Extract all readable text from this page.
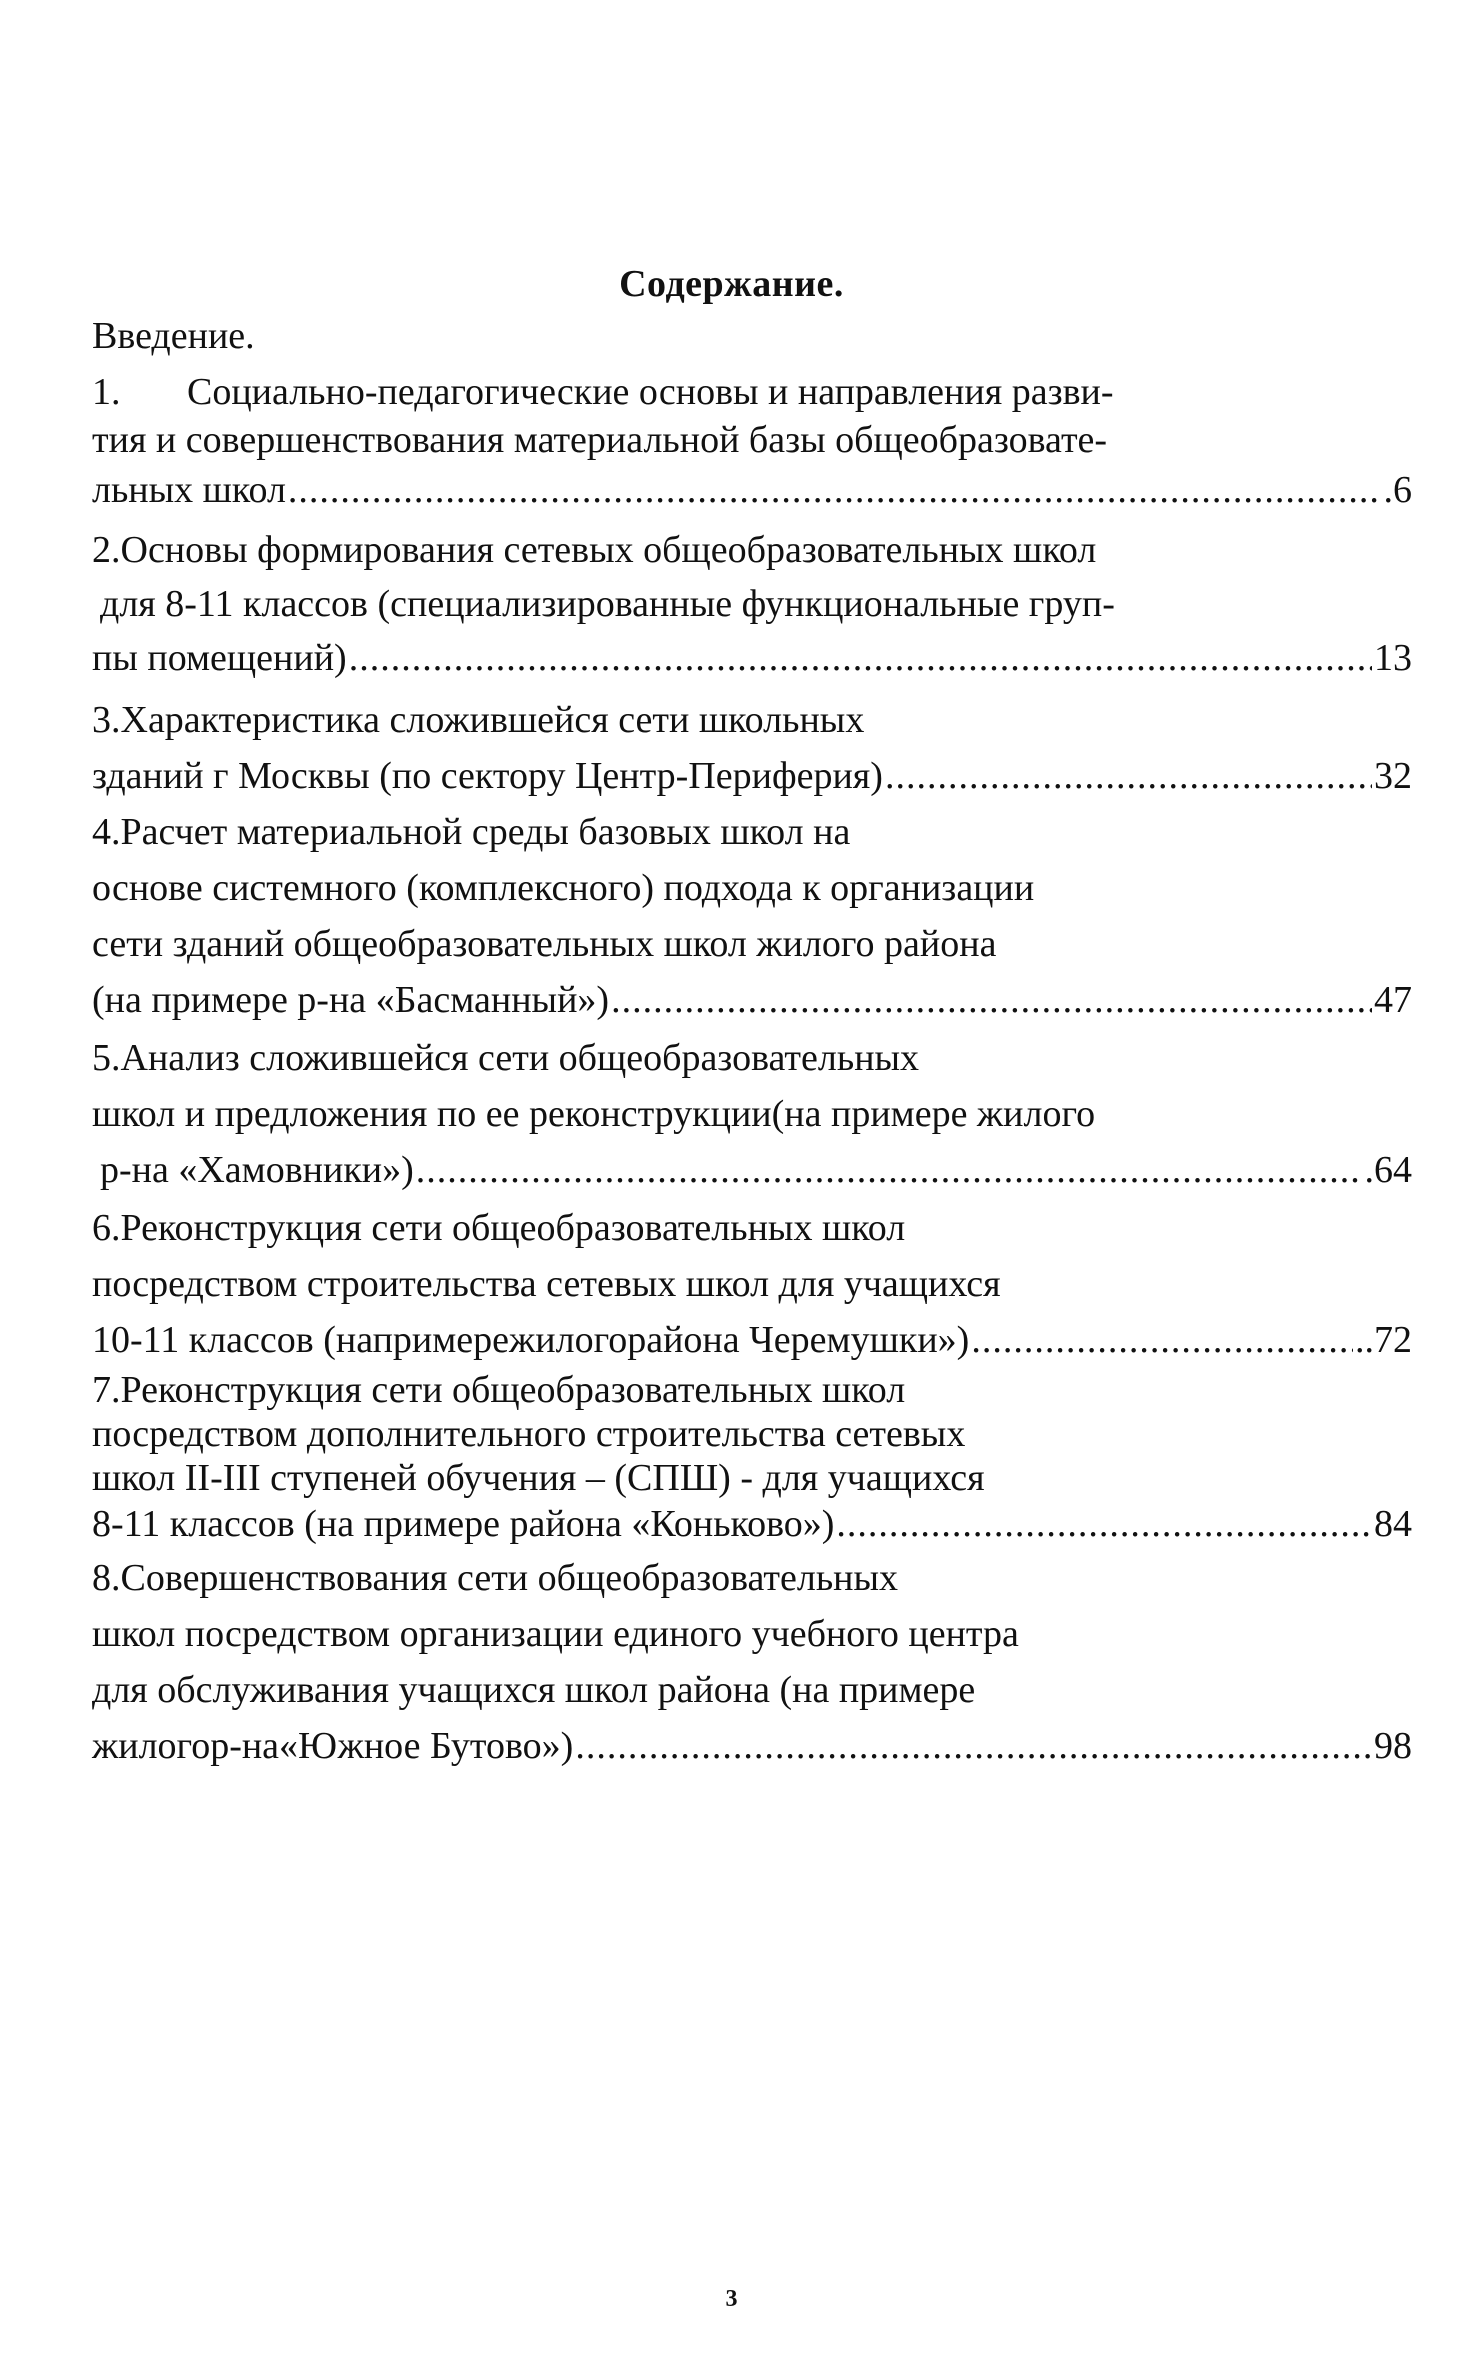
Содержание.
Введение.
1. Социально-педагогические основы и направления разви-
тия и совершенствования материальной базы общеобразовате-
льных школ .....	.6
2.Основы формирования сетевых общеобразовательных школ
для 8-11 классов (специализированные функциональные груп-
пы помещений) .....	13
3.Характеристика сложившейся сети школьных
зданий г Москвы (по сектору Центр-Периферия) .....	32
4.Расчет материальной среды базовых школ на
основе системного (комплексного) подхода к организации
сети зданий общеобразовательных школ жилого района
(на примере р-на «Басманный») .....	47
5.Анализ сложившейся сети общеобразовательных
школ и предложения по ее реконструкции(на примере жилого
р-на «Хамовники») .....	.64
6.Реконструкция сети общеобразовательных школ
посредством строительства сетевых школ для учащихся
10-11 классов (напримережилогорайона Черемушки») .....	..72
7.Реконструкция сети общеобразовательных школ
посредством дополнительного строительства сетевых
школ II-III ступеней обучения – (СПШ) - для учащихся
8-11 классов (на примере района «Коньково») .....	84
8.Совершенствования сети общеобразовательных
школ посредством организации единого учебного центра
для обслуживания учащихся школ района (на примере
жилогор-на«Южное Бутово») .....	98
3
